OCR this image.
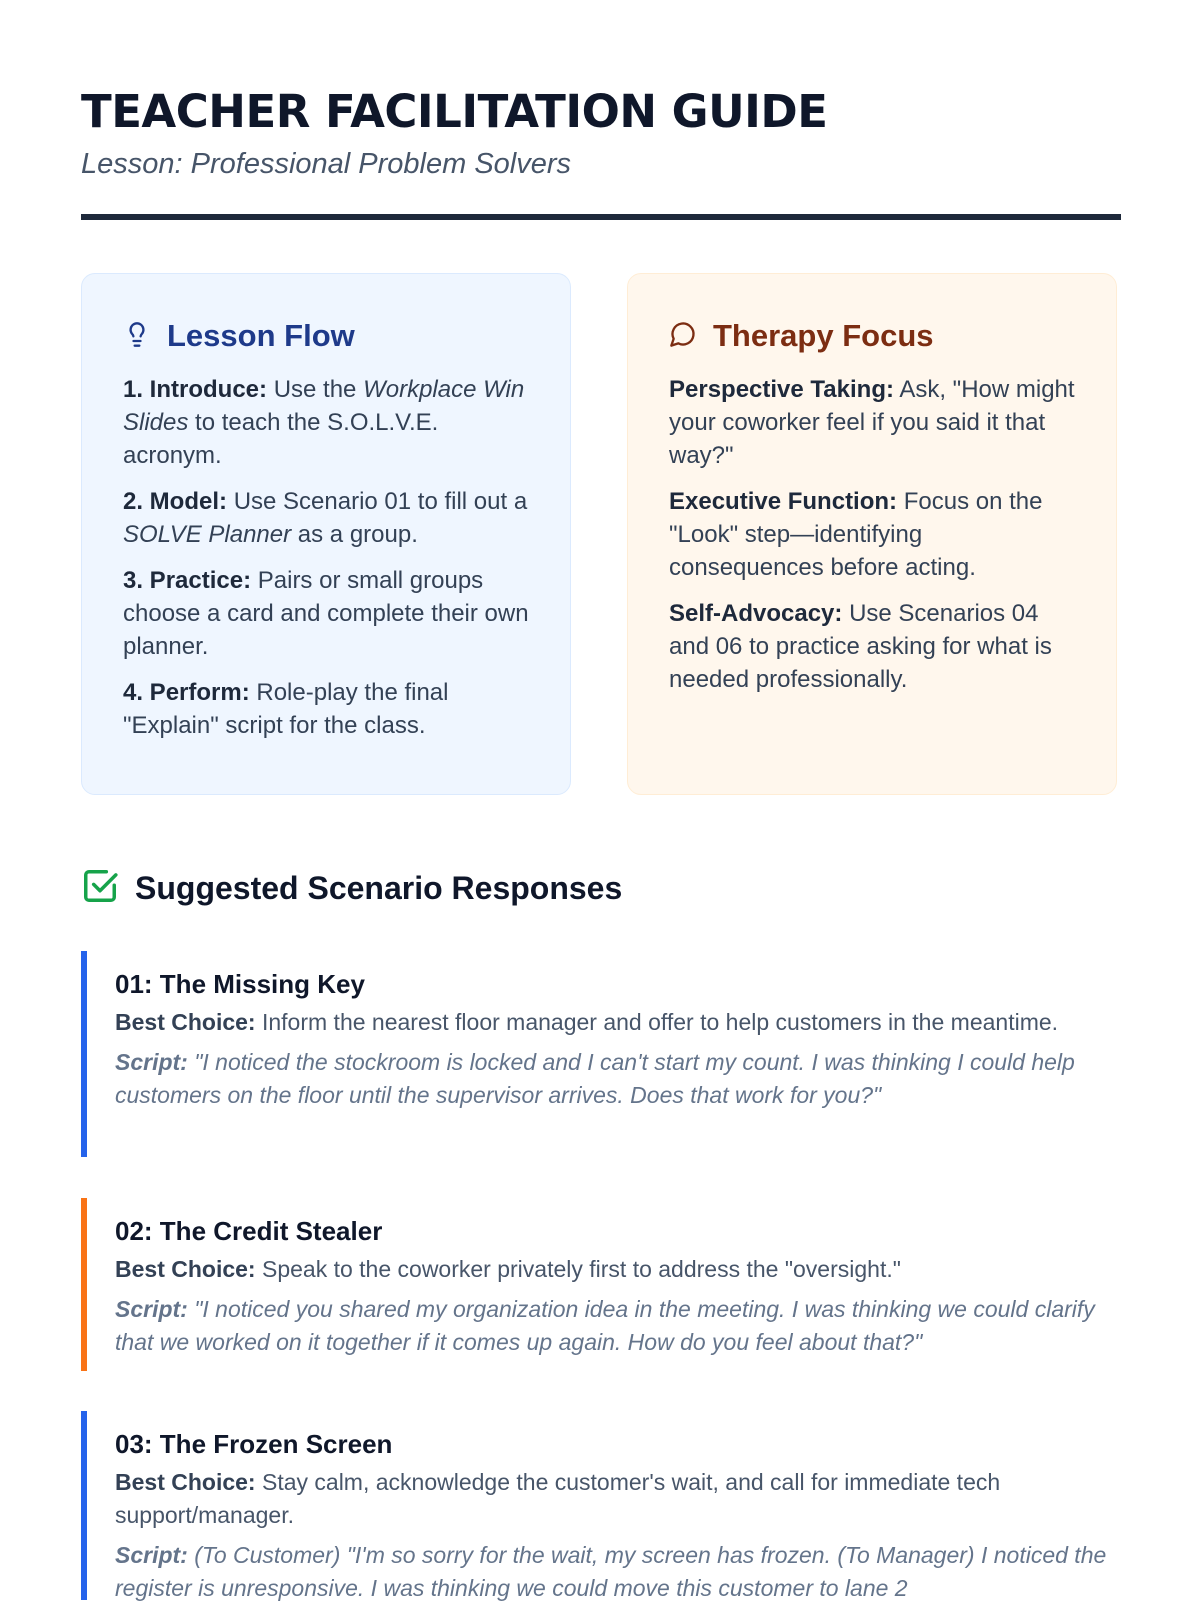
TEACHER FACILITATION GUIDE

Lesson: Professional Problem Solvers

Lesson Flow

1. Introduce: Use the Workplace Win Slides to teach the S.O.L.V.E. acronym.

2. Model: Use Scenario 01 to fill out a SOLVE Planner as a group.

3. Practice: Pairs or small groups choose a card and complete their own planner.

4. Perform: Role-play the final "Explain" script for the class.

Therapy Focus

Perspective Taking: Ask, "How might your coworker feel if you said it that way?"

Executive Function: Focus on the "Look" step—identifying consequences before acting.

Self-Advocacy: Use Scenarios 04 and 06 to practice asking for what is needed professionally.

Suggested Scenario Responses
01: The Missing Key

Best Choice: Inform the nearest floor manager and offer to help customers in the meantime.

Script: "I noticed the stockroom is locked and I can't start my count. I was thinking I could help customers on the floor until the supervisor arrives. Does that work for you?"

02: The Credit Stealer

Best Choice: Speak to the coworker privately first to address the "oversight."

Script: "I noticed you shared my organization idea in the meeting. I was thinking we could clarify that we worked on it together if it comes up again. How do you feel about that?"

03: The Frozen Screen

Best Choice: Stay calm, acknowledge the customer's wait, and call for immediate tech support/manager.

Script: (To Customer) "I'm so sorry for the wait, my screen has frozen. (To Manager) I noticed the register is unresponsive. I was thinking we could move this customer to lane 2
